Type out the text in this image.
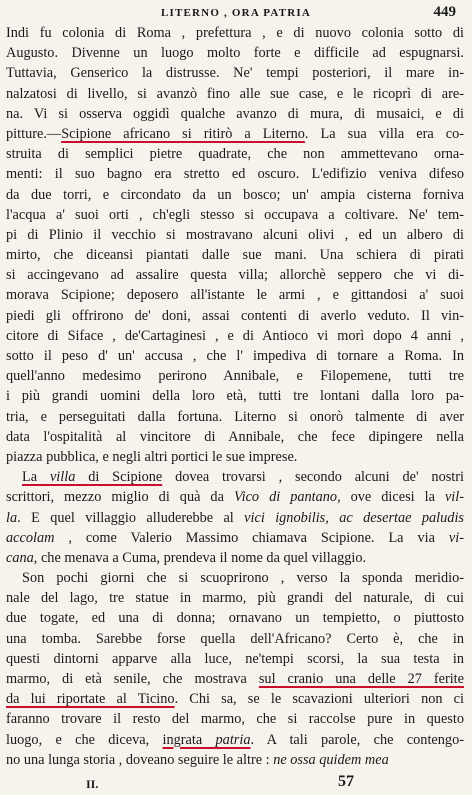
LITERNO , ORA PATRIA	449
Indi fu colonia di Roma , prefettura , e di nuovo colonia sotto di
Augusto. Divenne un luogo molto forte e difficile ad espugnarsi.
Tuttavia, Genserico la distrusse. Ne' tempi posteriori, il mare in-
nalzatosi di livello, si avanzò fino alle sue case, e le ricoprì di are-
na. Vi si osserva oggidì qualche avanzo di mura, di musaici, e di
pitture.—Scipione africano si ritirò a Literno. La sua villa era co-
struita di semplici pietre quadrate, che non ammettevano orna-
menti: il suo bagno era stretto ed oscuro. L'edifizio veniva difeso
da due torri, e circondato da un bosco; un' ampia cisterna forniva
l'acqua a' suoi orti , ch'egli stesso si occupava a coltivare. Ne' tem-
pi di Plinio il vecchio si mostravano alcuni olivi , ed un albero di
mirto, che diceansi piantati dalle sue mani. Una schiera di pirati
si accingevano ad assalire questa villa; allorchè seppero che vi di-
morava Scipione; deposero all'istante le armi , e gittandosi a' suoi
piedi gli offrirono de' doni, assai contenti di averlo veduto. Il vin-
citore di Siface , de'Cartaginesi , e di Antioco vi morì dopo 4 anni ,
sotto il peso d' un' accusa , che l' impediva di tornare a Roma. In
quell'anno medesimo perirono Annibale, e Filopemene, tutti tre
i più grandi uomini della loro età, tutti tre lontani dalla loro pa-
tria, e perseguitati dalla fortuna. Literno si onorò talmente di aver
data l'ospitalità al vincitore di Annibale, che fece dipingere nella
piazza pubblica, e negli altri portici le sue imprese.
La villa di Scipione dovea trovarsi , secondo alcuni de' nostri
scrittori, mezzo miglio di quà da Vico di pantano, ove dicesi la vil-
la. E quel villaggio alluderebbe al vici ignobilis, ac desertae paludis
accolam , come Valerio Massimo chiamava Scipione. La via vi-
cana, che menava a Cuma, prendeva il nome da quel villaggio.
Son pochi giorni che si scuoprirono , verso la sponda meridio-
nale del lago, tre statue in marmo, più grandi del naturale, di cui
due togate, ed una di donna; ornavano un tempietto, o piuttosto
una tomba. Sarebbe forse quella dell'Africano? Certo è, che in
questi dintorni apparve alla luce, ne'tempi scorsi, la sua testa in
marmo, di età senile, che mostrava sul cranio una delle 27 ferite
da lui riportate al Ticino. Chi sa, se le scavazioni ulteriori non ci
faranno trovare il resto del marmo, che si raccolse pure in questo
luogo, e che diceva, ingrata patria. A tali parole, che contengo-
no una lunga storia , doveano seguire le altre : ne ossa quidem mea
II.	57
